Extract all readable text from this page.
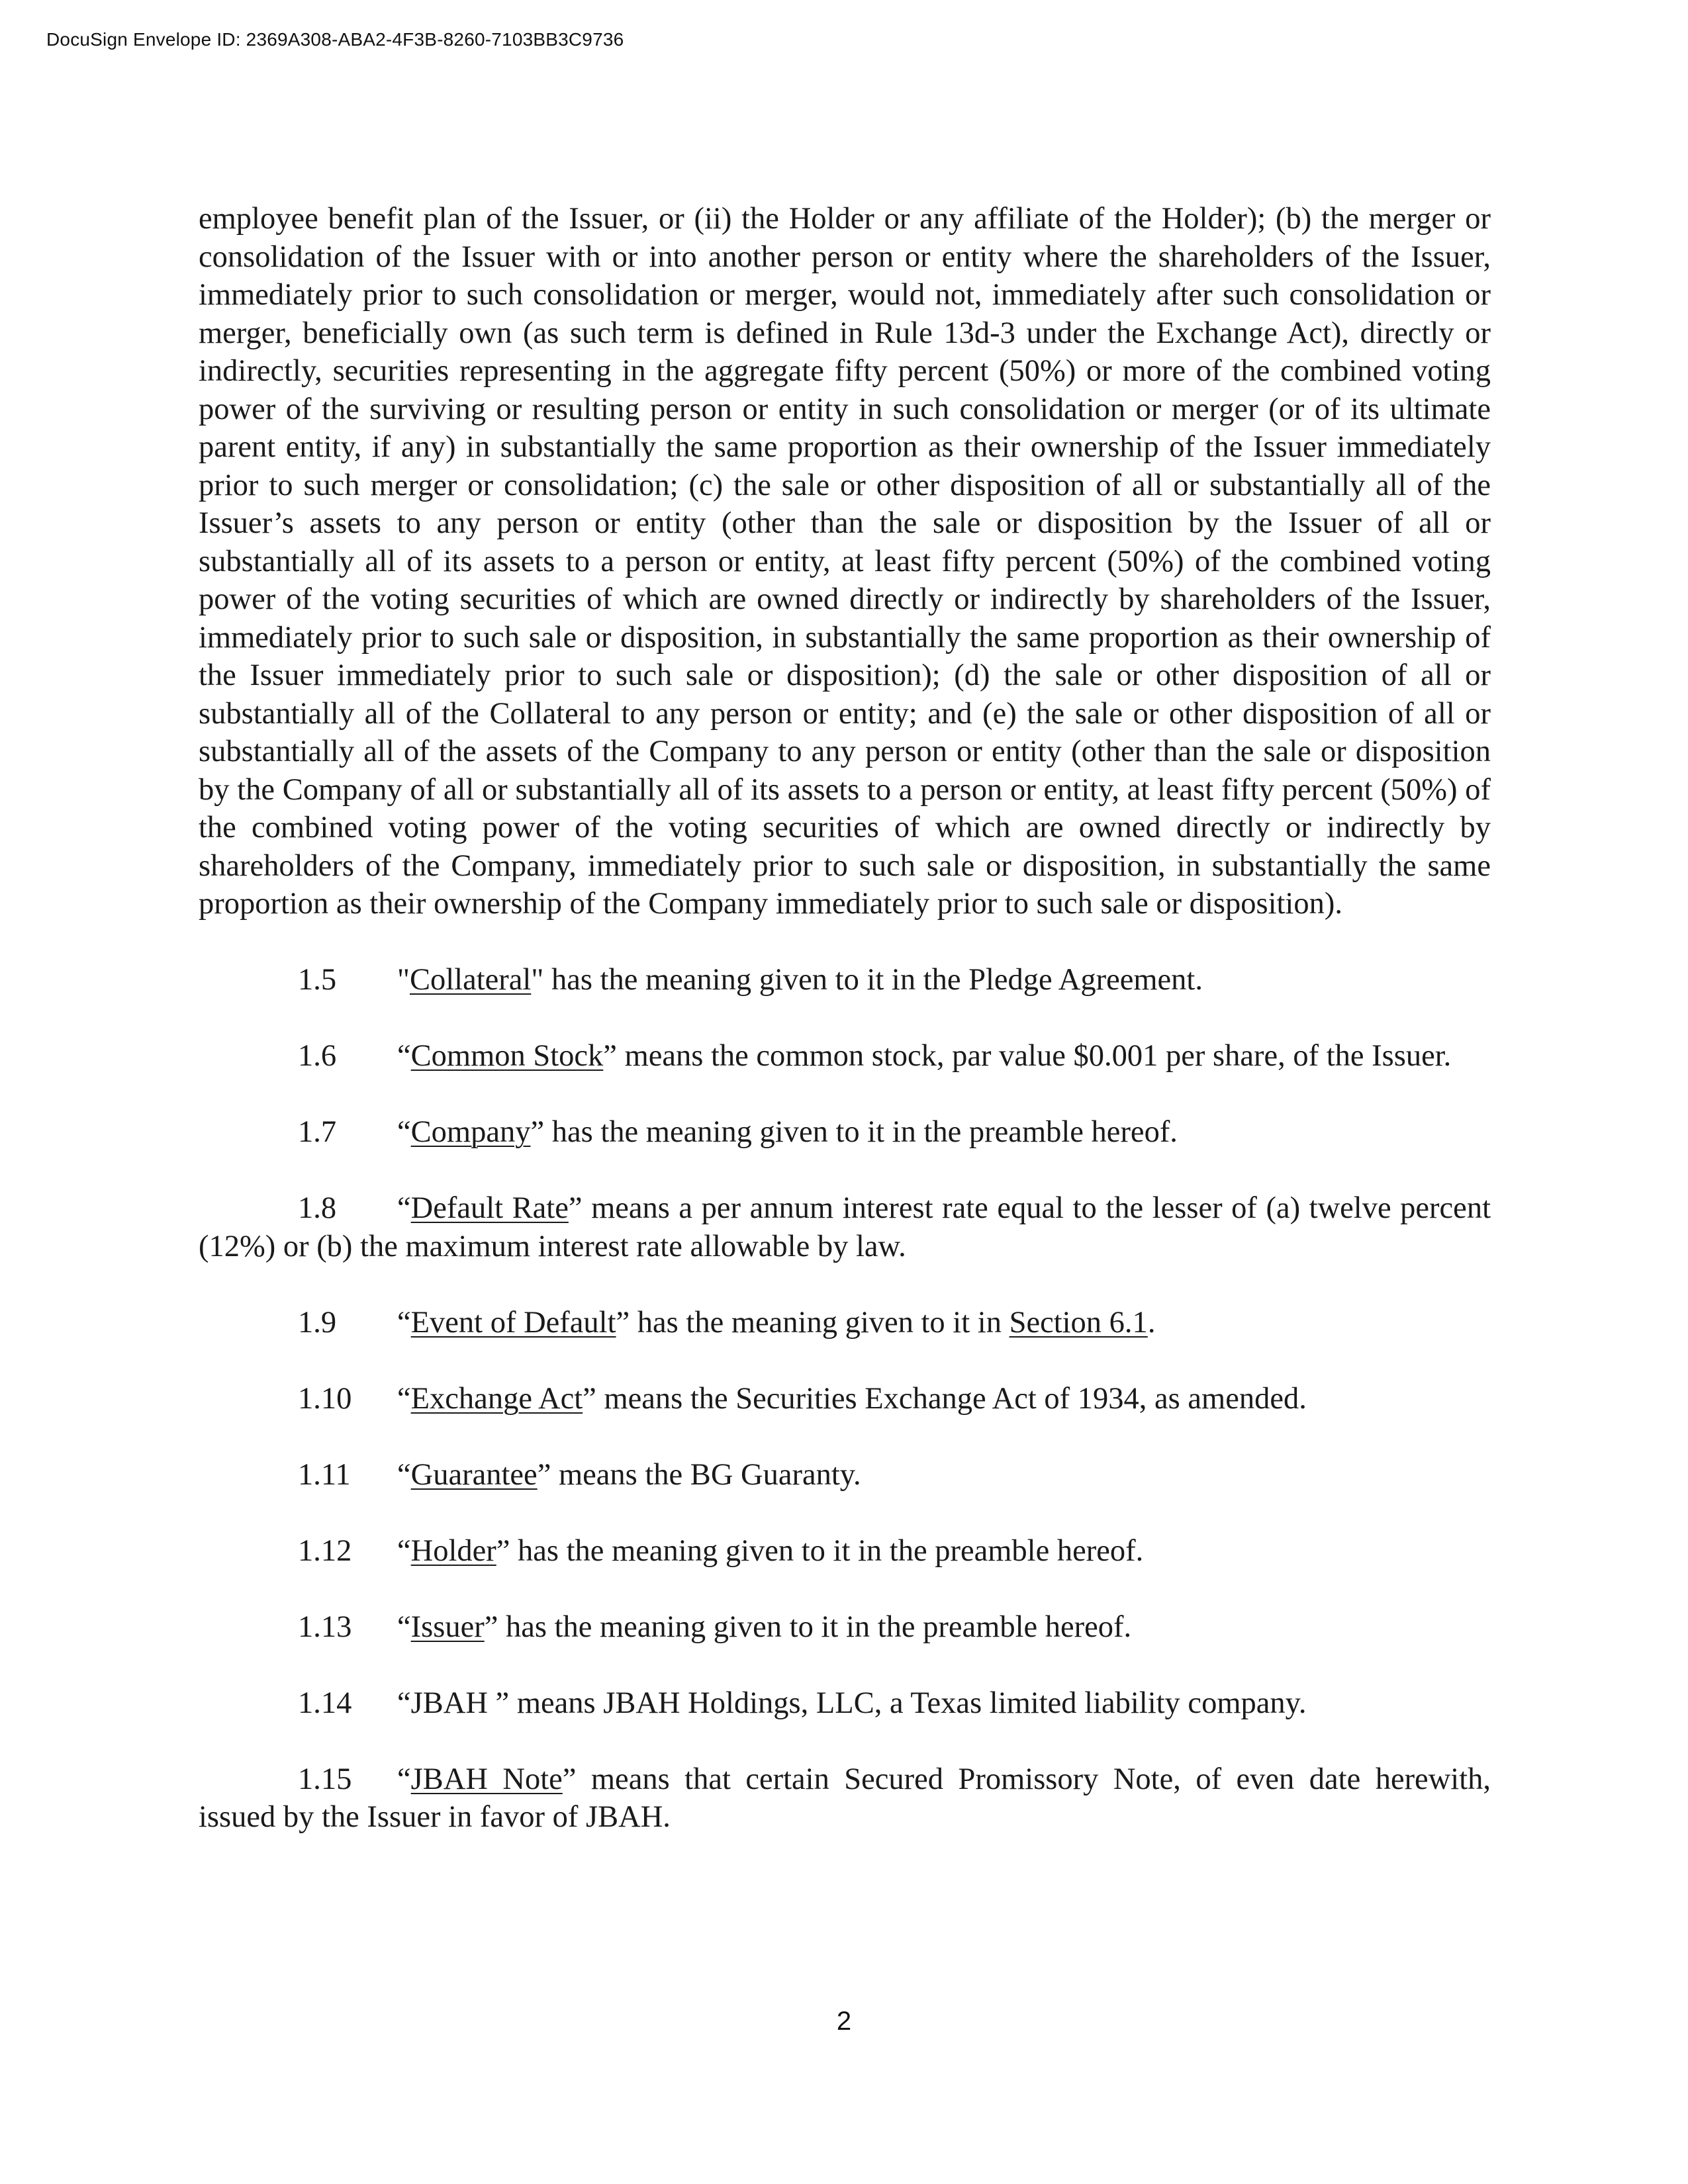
DocuSign Envelope ID: 2369A308-ABA2-4F3B-8260-7103BB3C9736

employee benefit plan of the Issuer, or (ii) the Holder or any affiliate of the Holder); (b) the merger or consolidation of the Issuer with or into another person or entity where the shareholders of the Issuer, immediately prior to such consolidation or merger, would not, immediately after such consolidation or merger, beneficially own (as such term is defined in Rule 13d-3 under the Exchange Act), directly or indirectly, securities representing in the aggregate fifty percent (50%) or more of the combined voting power of the surviving or resulting person or entity in such consolidation or merger (or of its ultimate parent entity, if any) in substantially the same proportion as their ownership of the Issuer immediately prior to such merger or consolidation; (c) the sale or other disposition of all or substantially all of the Issuer’s assets to any person or entity (other than the sale or disposition by the Issuer of all or substantially all of its assets to a person or entity, at least fifty percent (50%) of the combined voting power of the voting securities of which are owned directly or indirectly by shareholders of the Issuer, immediately prior to such sale or disposition, in substantially the same proportion as their ownership of the Issuer immediately prior to such sale or disposition); (d) the sale or other disposition of all or substantially all of the Collateral to any person or entity; and (e) the sale or other disposition of all or substantially all of the assets of the Company to any person or entity (other than the sale or disposition by the Company of all or substantially all of its assets to a person or entity, at least fifty percent (50%) of the combined voting power of the voting securities of which are owned directly or indirectly by shareholders of the Company, immediately prior to such sale or disposition, in substantially the same proportion as their ownership of the Company immediately prior to such sale or disposition).

1.5 "Collateral" has the meaning given to it in the Pledge Agreement.

1.6 “Common Stock” means the common stock, par value $0.001 per share, of the Issuer.

1.7 “Company” has the meaning given to it in the preamble hereof.

1.8 “Default Rate” means a per annum interest rate equal to the lesser of (a) twelve percent (12%) or (b) the maximum interest rate allowable by law.

1.9 “Event of Default” has the meaning given to it in Section 6.1.

1.10 “Exchange Act” means the Securities Exchange Act of 1934, as amended.

1.11 “Guarantee” means the BG Guaranty.

1.12 “Holder” has the meaning given to it in the preamble hereof.

1.13 “Issuer” has the meaning given to it in the preamble hereof.

1.14 “JBAH ” means JBAH Holdings, LLC, a Texas limited liability company.

1.15 “JBAH Note” means that certain Secured Promissory Note, of even date herewith, issued by the Issuer in favor of JBAH.

2
